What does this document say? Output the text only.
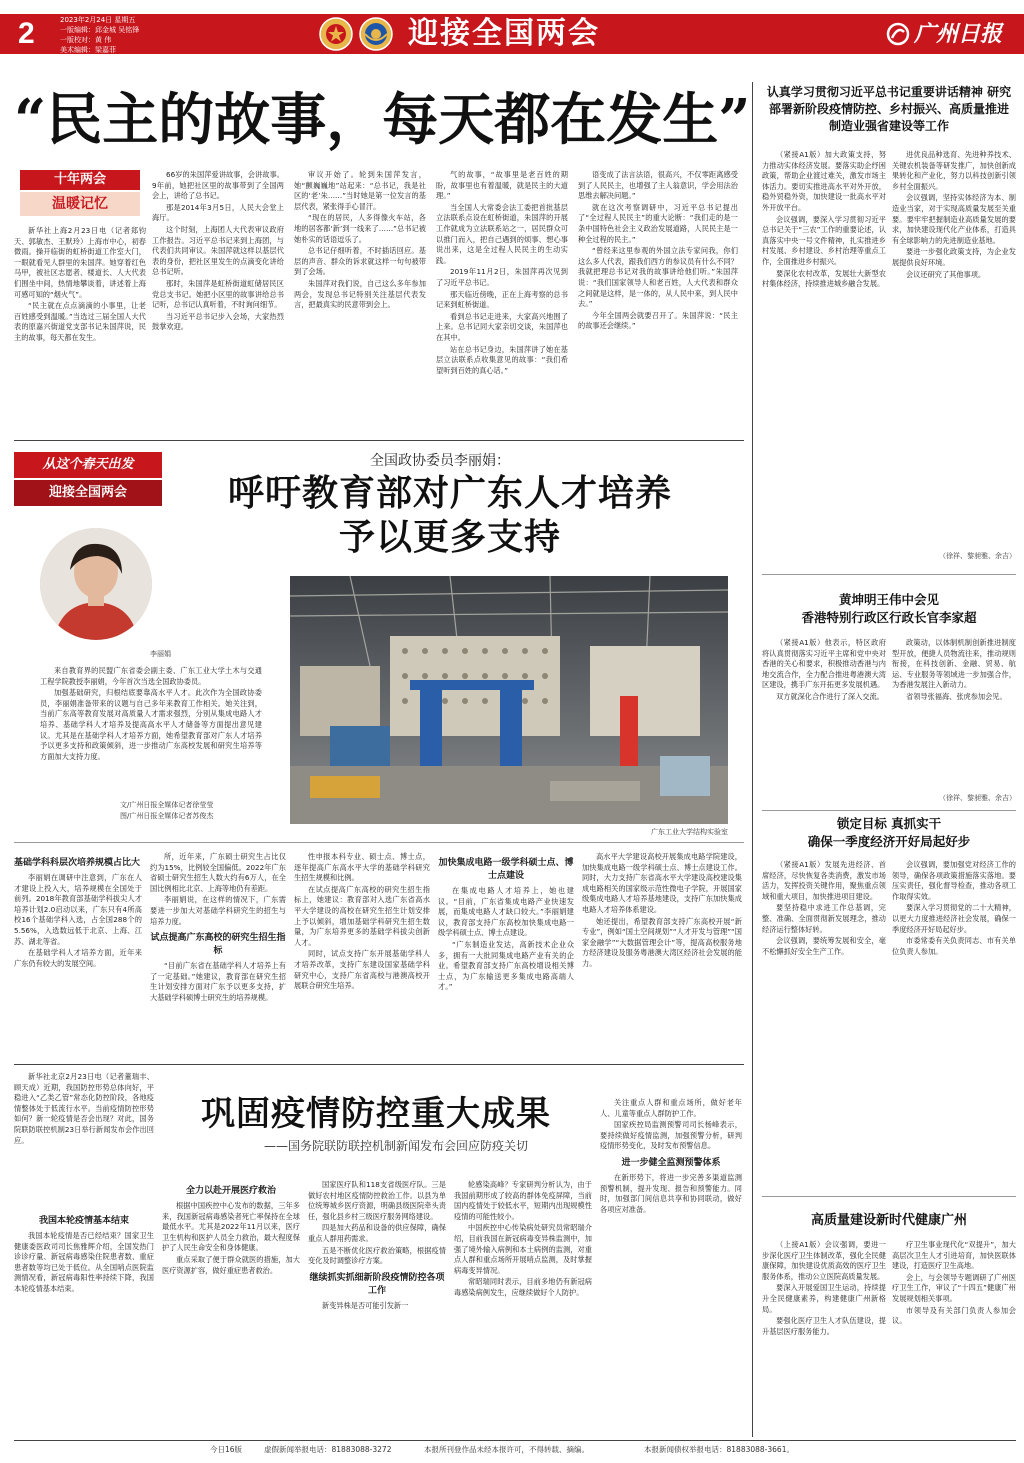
2	2023年2月24日 星期五
一版编辑：邱金城 吴铭锋
一版校对：黄 伟
美术编辑：梁嘉菲	迎接全国两会	广州日报
“民主的故事，每天都在发生”
十年两会
温暖记忆

新华社上海2月23日电（记者郑钧天、郭敏杰、王默玲）上海市中心，初春微雨。操开临街的虹桥街道工作室大门，一眼就看见人群里的朱国萍。她穿着红色马甲，被社区志愿者、楼道长、人大代表们围坐中间，热情地攀谈着，讲述着上海可感可知的“烟火气”。

“民主就在点点滴滴的小事里，让老百姓感受到温暖。”当选过三届全国人大代表的原嘉兴街道党支部书记朱国萍说，民主的故事，每天都在发生。

66岁的朱国萍爱讲故事，会讲故事。9年前，她把社区里的故事带到了全国两会上，讲给了总书记。

那是2014年3月5日，人民大会堂上海厅。

这个时刻，上海团人大代表审议政府工作报告。习近平总书记来到上海团，与代表们共同审议。朱国萍就这样以基层代表的身份，把社区里发生的点滴变化讲给总书记听。

那时，朱国萍是虹桥街道虹储居民区党总支书记。她把小区里的故事讲给总书记听，总书记认真听着，不时询问细节。

当习近平总书记步入会场，大家热烈鼓掌欢迎。

审议开始了。轮到朱国萍发言，她“颤巍巍地”站起来：“总书记，我是社区的‘老’朱……”当时她是第一位发言的基层代表，紧张得手心冒汗。

“现在的居民，人多得像火车站，各地的居客都‘新’到一线来了……”总书记被她朴实的话语逗乐了。

总书记仔细听着，不时插话回应。基层的声音、群众的诉求就这样一句句被带到了会场。

朱国萍对我们说，自己这么多年参加两会，发现总书记特别关注基层代表发言，把最真实的民意带到会上。

气的故事，“故事里是老百姓的期盼，故事里也有着温暖，就是民主的大道理。”

当全国人大常委会法工委把首批基层立法联系点设在虹桥街道，朱国萍的开展工作就成为立法联系站之一，居民群众可以推门而入，把自己遇到的烦事、想心事说出来，这是全过程人民民主的生动实践。

2019年11月2日，朱国萍再次见到了习近平总书记。

那天临近傍晚，正在上海考察的总书记来到虹桥街道。

看到总书记走进来，大家高兴地围了上来。总书记同大家亲切交谈，朱国萍也在其中。

站在总书记身边，朱国萍讲了她在基层立法联系点收集意见的故事：“我们希望听到百姓的真心话。”

语变成了法言法语，很高兴，不仅零距离感受到了人民民主，也增强了主人翁意识，学会用法治思维去解决问题。”

就在这次考察调研中，习近平总书记提出了“全过程人民民主”的重大论断：“我们走的是一条中国特色社会主义政治发展道路，人民民主是一种全过程的民主。”

“曾经来这里参观的外国立法专家问我，你们这么多人代表，跟我们西方的参议员有什么不同？我就把理总书记对我的故事讲给他们听。”朱国萍说：“我们国家领导人和老百姓，人大代表和群众之间就是这样，是一体的，从人民中来，到人民中去。”

今年全国两会就要召开了。朱国萍说：“民主的故事还会继续。”

从这个春天出发
迎接全国两会
全国政协委员李丽娟：
呼吁教育部对广东人才培养
予以更多支持
李丽娟
广东工业大学结构实验室

来自教育界的民盟广东省委会副主委、广东工业大学土木与交通工程学院教授李丽娟，今年首次当选全国政协委员。

加强基础研究，归根结底要靠高水平人才。此次作为全国政协委员，李丽娟准备带来的议题与自己多年来教育工作相关。她关注到，当前广东高等教育发展对高质量人才需求强烈，分别从集成电路人才培养、基础学科人才培养及提高高水平人才储备等方面提出意见建议。尤其是在基础学科人才培养方面，她希望教育部对广东人才培养予以更多支持和政策倾斜，进一步推动广东高校发展和研究生培养等方面加大支持力度。

文/广州日报全媒体记者徐莹莹
图/广州日报全媒体记者苏俊杰

基础学科科层次培养规模占比大

李丽娟在调研中注意到，广东在人才建设上投入大，培养规模在全国处于前列。2018年教育部基础学科拔尖人才培养计划2.0启动以来，广东只有4所高校16个基础学科入选，占全国288个的5.56%，入选数远低于北京、上海、江苏、湖北等省。

在基础学科人才培养方面，近年来广东仍有较大的发展空间。

所，近年来，广东硕士研究生占比仅约为15%，比例较全国偏低。2022年广东省硕士研究生招生人数大约有6万人，在全国比例相比北京、上海等地仍有差距。

李丽娟说，在这样的情况下，广东需要进一步加大对基础学科研究生的招生与培养力度。

试点提高广东高校的研究生招生指标

“目前广东省在基础学科人才培养上有了一定基础。”她建议，教育部在研究生招生计划安排方面对广东予以更多支持，扩大基础学科硕博士研究生的培养规模。

性申报本科专业、硕士点、博士点，逐年提高广东高水平大学的基础学科研究生招生规模和比例。

在试点提高广东高校的研究生招生指标上，她建议：教育部对入选广东省高水平大学建设的高校在研究生招生计划安排上予以倾斜，增加基础学科研究生招生数量，为广东培养更多的基础学科拔尖创新人才。

同时，试点支持广东开展基础学科人才培养改革，支持广东建设国家基础学科研究中心，支持广东省高校与港澳高校开展联合研究生培养。

加快集成电路一级学科硕士点、博士点建设

在集成电路人才培养上，她也建议。“目前，广东省集成电路产业快速发展，而集成电路人才缺口较大。”李丽娟建议，教育部支持广东高校加快集成电路一级学科硕士点、博士点建设。

“广东制造业发达，高新技术企业众多，拥有一大批同集成电路产业有关的企业。希望教育部支持广东高校增设相关博士点，为广东输送更多集成电路高端人才。”

高水平大学建设高校开展集成电路学院建设，加快集成电路一级学科硕士点、博士点建设工作。同时，大力支持广东省高水平大学建设高校建设集成电路相关的国家级示范性微电子学院，开展国家级集成电路人才培养基地建设，支持广东加快集成电路人才培养体系建设。

她还提出，希望教育部支持广东高校开展“新专业”，例如“国土空间规划”“人才开发与管理”“国家金融学”“大数据管理会计”等，提高高校服务地方经济建设及服务粤港澳大湾区经济社会发展的能力。

新华社北京2月23日电（记者董瑞丰、顾天成）近期，我国防控形势总体向好，平稳进入“乙类乙管”常态化防控阶段，各地疫情整体处于低流行水平。当前疫情防控形势如何？新一轮疫情是否会出现？对此，国务院联防联控机制23日举行新闻发布会作出回应。

巩固疫情防控重大成果
——国务院联防联控机制新闻发布会回应防疫关切

我国本轮疫情基本结束

我国本轮疫情是否已经结束？国家卫生健康委医政司司长焦雅辉介绍，全国发热门诊诊疗量、新冠病毒感染住院患者数、重症患者数等均已处于低位。从全国哨点医院监测情况看，新冠病毒阳性率持续下降，我国本轮疫情基本结束。

全力以赴开展医疗救治

根据中国疾控中心发布的数据，三年多来，我国新冠病毒感染者死亡率保持在全球最低水平。尤其是2022年11月以来，医疗卫生机构和医护人员全力救治，最大程度保护了人民生命安全和身体健康。

重点采取了便于群众就医的措施，加大医疗资源扩容，做好重症患者救治。

国家医疗队和118支省级医疗队。三是做好农村地区疫情防控救治工作。以县为单位统筹城乡医疗资源，明确县级医院牵头责任，强化县乡村三级医疗服务网络建设。

四是加大药品和设备的供应保障，确保重点人群用药需求。

五是不断优化医疗救治策略，根据疫情变化及时调整诊疗方案。

继续抓实抓细新阶段疫情防控各项工作

新变异株是否可能引发新一

轮感染高峰？专家研判分析认为，由于我国前期形成了较高的群体免疫屏障，当前国内疫情处于较低水平，短期内出现规模性疫情的可能性较小。

中国疾控中心传染病处研究员常昭瑞介绍，目前我国在新冠病毒变异株监测中，加强了境外输入病例和本土病例的监测，对重点人群和重点场所开展哨点监测，及时掌握病毒变异情况。

常昭瑞同时表示，目前多地仍有新冠病毒感染病例发生，应继续做好个人防护。

关注重点人群和重点场所，做好老年人、儿童等重点人群防护工作。

国家疾控局监测预警司司长杨峰表示，要持续做好疫情监测，加强预警分析，研判疫情形势变化，及时发布预警信息。

进一步健全监测预警体系

在新形势下，将进一步完善多渠道监测预警机制，提升发现、报告和预警能力。同时，加强部门间信息共享和协同联动，做好各项应对准备。

认真学习贯彻习近平总书记重要讲话精神 研究部署新阶段疫情防控、乡村振兴、高质量推进制造业强省建设等工作

（紧接A1版）加大政策支持，努力推动实体经济发展。要落实助企纾困政策，帮助企业渡过难关，激发市场主体活力。要切实推进高水平对外开放，稳外贸稳外资，加快建设一批高水平对外开放平台。

会议强调，要深入学习贯彻习近平总书记关于“三农”工作的重要论述，认真落实中央一号文件精神，扎实推进乡村发展、乡村建设、乡村治理等重点工作，全面推进乡村振兴。

要深化农村改革，发展壮大新型农村集体经济，持续推进城乡融合发展。

进优良品种选育、先进种养技术、关键农机装备等研发推广，加快创新成果转化和产业化，努力以科技创新引领乡村全面振兴。

会议强调，坚持实体经济为本、制造业当家，对于实现高质量发展至关重要。要牢牢把握制造业高质量发展的要求，加快建设现代化产业体系，打造具有全球影响力的先进制造业基地。

要进一步强化政策支持，为企业发展提供良好环境。

会议还研究了其他事项。

（徐祥、黎昶雅、余吉）
黄坤明王伟中会见
香港特别行政区行政长官李家超

（紧接A1版）他表示，特区政府将认真贯彻落实习近平主席和党中央对香港的关心和要求，积极推动香港与内地交流合作，全力配合推进粤港澳大湾区建设，携手广东开拓更多发展机遇。

双方就深化合作进行了深入交流。

政策动，以体制机制创新推进制度型开放，便捷人员物流往来，推动规则衔接，在科技创新、金融、贸易、航运、专业服务等领域进一步加强合作，为香港发展注入新动力。

省领导张福海、张虎参加会见。

（徐祥、黎昶雅、余吉）
锁定目标 真抓实干
确保一季度经济开好局起好步

（紧接A1版）发展先进经济、首席经济，尽快恢复各类消费，激发市场活力，发挥投资关键作用，聚焦重点领域和重大项目，加快推进项目建设。

要坚持稳中求进工作总基调，完整、准确、全面贯彻新发展理念，推动经济运行整体好转。

会议强调，要统筹发展和安全，毫不松懈抓好安全生产工作。

会议强调，要加强党对经济工作的领导，确保各项政策措施落实落地。要压实责任，强化督导检查，推动各项工作取得实效。

要深入学习贯彻党的二十大精神，以更大力度推进经济社会发展，确保一季度经济开好局起好步。

市委常委有关负责同志、市有关单位负责人参加。

高质量建设新时代健康广州

（上接A1版）会议强调，要进一步深化医疗卫生体制改革，强化全民健康保障，加快建设优质高效的医疗卫生服务体系，推动公立医院高质量发展。

要深入开展爱国卫生运动，持续提升全民健康素养，构建健康广州新格局。

要强化医疗卫生人才队伍建设，提升基层医疗服务能力。

疗卫生事业现代化“双提升”，加大高层次卫生人才引进培育，加快医联体建设，打造医疗卫生高地。

会上，与会领导专题调研了广州医疗卫生工作，审议了“十四五”健康广州发展规划相关事项。

市领导及有关部门负责人参加会议。

今日16版	虚假新闻举报电话：81883088-3272	本报所刊登作品未经本报许可，不得转载、摘编。	本报新闻债权举报电话：81883088-3661。
